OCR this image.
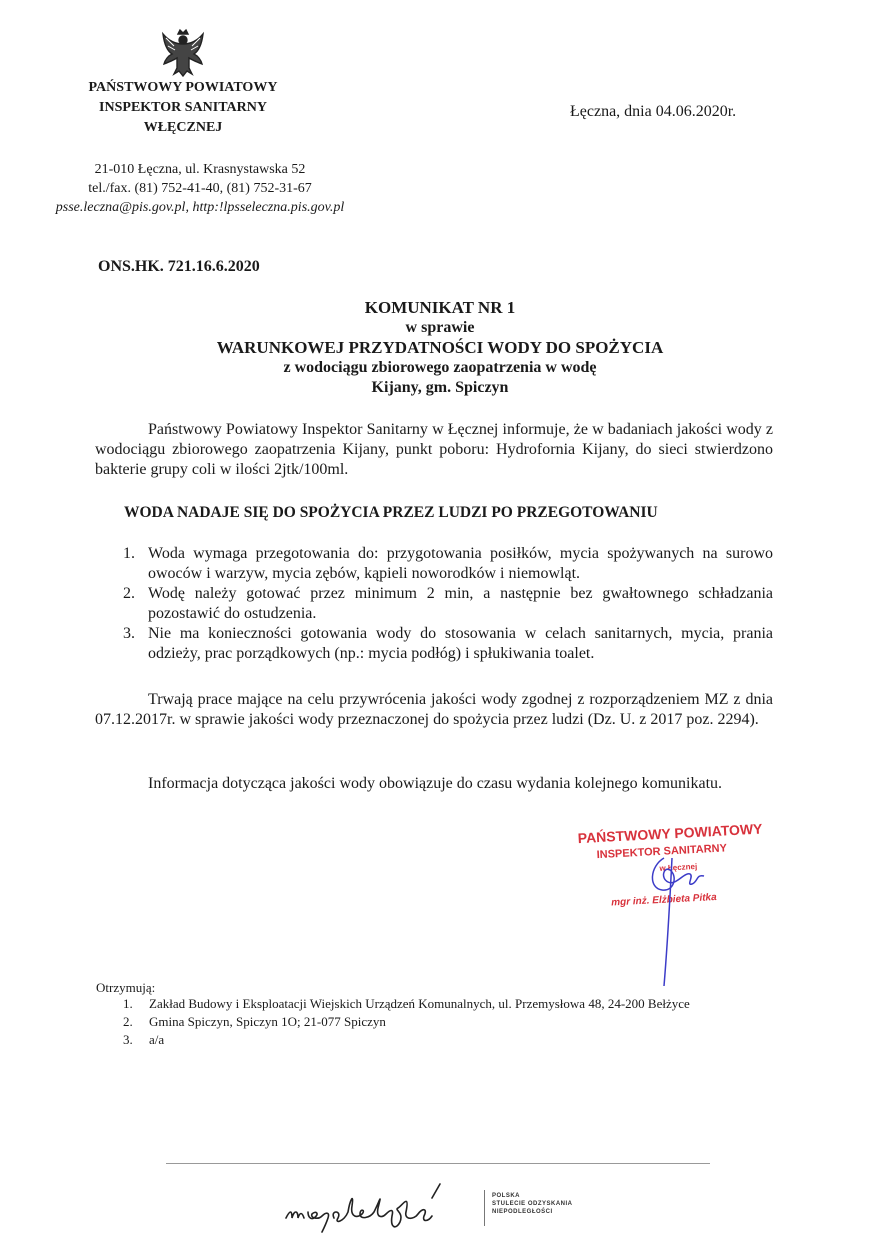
PAŃSTWOWY POWIATOWY
INSPEKTOR SANITARNY
WŁĘCZNEJ
Łęczna, dnia 04.06.2020r.
21-010 Łęczna, ul. Krasnystawska 52
tel./fax. (81) 752-41-40, (81) 752-31-67
psse.leczna@pis.gov.pl, http:!lpsseleczna.pis.gov.pl
ONS.HK. 721.16.6.2020
KOMUNIKAT NR 1
w sprawie
WARUNKOWEJ PRZYDATNOŚCI WODY DO SPOŻYCIA
z wodociągu zbiorowego zaopatrzenia w wodę
Kijany, gm. Spiczyn
Państwowy Powiatowy Inspektor Sanitarny w Łęcznej informuje, że w badaniach jakości wody z wodociągu zbiorowego zaopatrzenia Kijany, punkt poboru: Hydrofornia Kijany, do sieci stwierdzono bakterie grupy coli w ilości 2jtk/100ml.
WODA NADAJE SIĘ DO SPOŻYCIA PRZEZ LUDZI PO PRZEGOTOWANIU
1. Woda wymaga przegotowania do: przygotowania posiłków, mycia spożywanych na surowo owoców i warzyw, mycia zębów, kąpieli noworodków i niemowląt.
2. Wodę należy gotować przez minimum 2 min, a następnie bez gwałtownego schładzania pozostawić do ostudzenia.
3. Nie ma konieczności gotowania wody do stosowania w celach sanitarnych, mycia, prania odzieży, prac porządkowych (np.: mycia podłóg) i spłukiwania toalet.
Trwają prace mające na celu przywrócenia jakości wody zgodnej z rozporządzeniem MZ z dnia 07.12.2017r. w sprawie jakości wody przeznaczonej do spożycia przez ludzi (Dz. U. z 2017 poz. 2294).
Informacja dotycząca jakości wody obowiązuje do czasu wydania kolejnego komunikatu.
PAŃSTWOWY POWIATOWY
INSPEKTOR SANITARNY
w Łęcznej
mgr inż. Elżbieta Pitka
Otrzymują:
1. Zakład Budowy i Eksploatacji Wiejskich Urządzeń Komunalnych, ul. Przemysłowa 48, 24-200 Bełżyce
2. Gmina Spiczyn, Spiczyn 1O; 21-077 Spiczyn
3. a/a
POLSKA
STULECIE ODZYSKANIA
NIEPODLEGŁOŚCI
